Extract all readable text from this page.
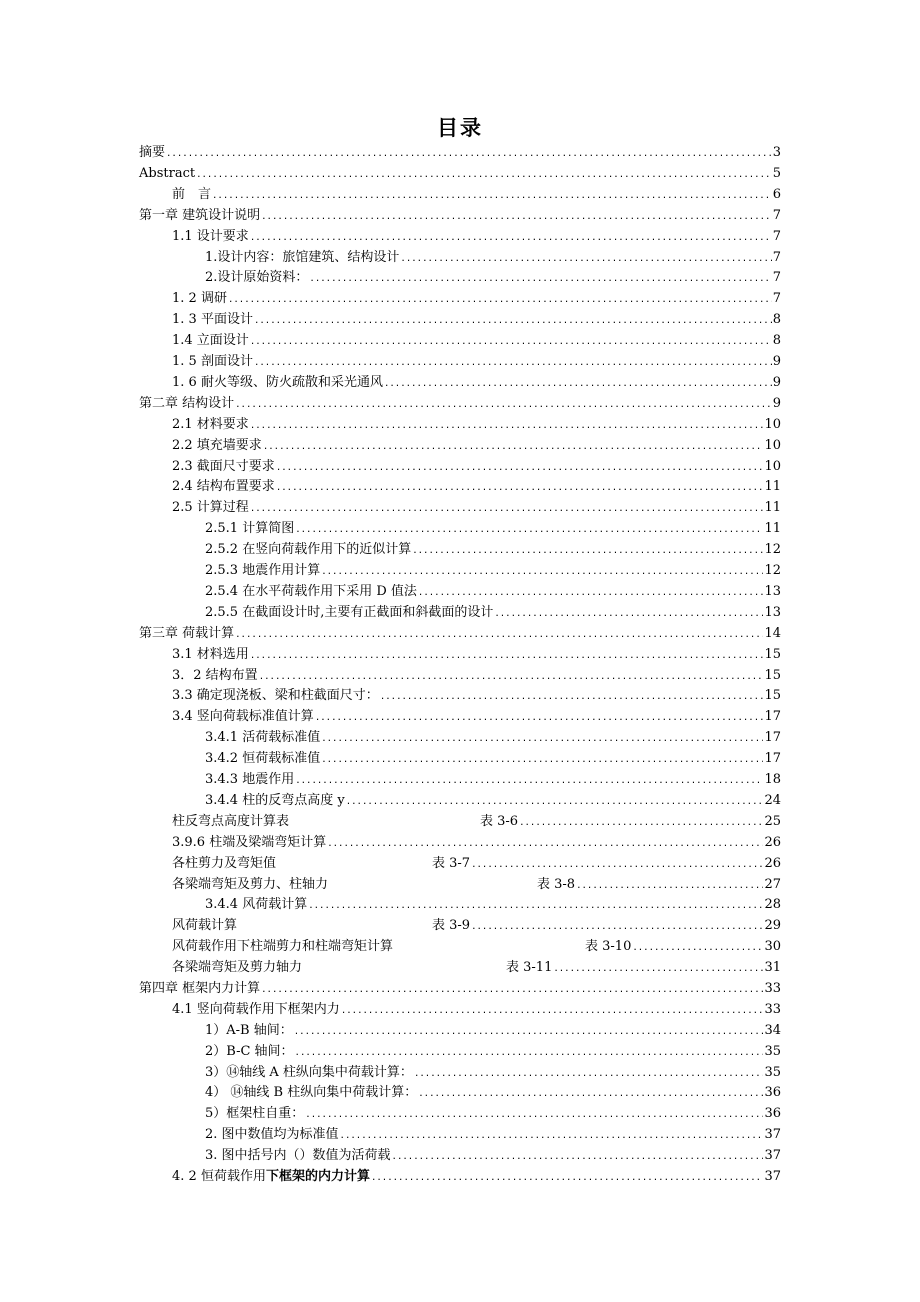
目录
摘要 .....	3
Abstract .....	5
前　言 .....	6
第一章 建筑设计说明 .....	7
1.1 设计要求 .....	7
1.设计内容：旅馆建筑、结构设计 .....	7
2.设计原始资料： .....	7
1. 2 调研 .....	7
1. 3 平面设计 .....	8
1.4 立面设计 .....	8
1. 5 剖面设计 .....	9
1. 6 耐火等级、防火疏散和采光通风 .....	9
第二章 结构设计 .....	9
2.1 材料要求 .....	10
2.2 填充墙要求 .....	10
2.3 截面尺寸要求 .....	10
2.4 结构布置要求 .....	11
2.5 计算过程 .....	11
2.5.1 计算简图 .....	11
2.5.2 在竖向荷载作用下的近似计算 .....	12
2.5.3 地震作用计算 .....	12
2.5.4 在水平荷载作用下采用 D 值法 .....	13
2.5.5 在截面设计时,主要有正截面和斜截面的设计 .....	13
第三章 荷载计算 .....	14
3.1 材料选用 .....	15
3．2 结构布置 .....	15
3.3 确定现浇板、梁和柱截面尺寸： .....	15
3.4 竖向荷载标准值计算 .....	17
3.4.1 活荷载标准值 .....	17
3.4.2 恒荷载标准值 .....	17
3.4.3 地震作用 .....	18
3.4.4 柱的反弯点高度 y .....	24
柱反弯点高度计算表	表 3-6 .....	25
3.9.6 柱端及梁端弯矩计算 .....	26
各柱剪力及弯矩值	表 3-7 .....	26
各梁端弯矩及剪力、柱轴力	表 3-8 .....	27
3.4.4 风荷载计算 .....	28
风荷载计算	表 3-9 .....	29
风荷载作用下柱端剪力和柱端弯矩计算	表 3-10 .....	30
各梁端弯矩及剪力轴力	表 3-11 .....	31
第四章 框架内力计算 .....	33
4.1 竖向荷载作用下框架内力 .....	33
1）A-B 轴间： .....	34
2）B-C 轴间： .....	35
3）⑭轴线 A 柱纵向集中荷载计算： .....	35
4） ⑭轴线 B 柱纵向集中荷载计算： .....	36
5）框架柱自重： .....	36
2. 图中数值均为标准值 .....	37
3. 图中括号内（）数值为活荷载 .....	37
4. 2 恒荷载作用下框架的内力计算 .....	37
